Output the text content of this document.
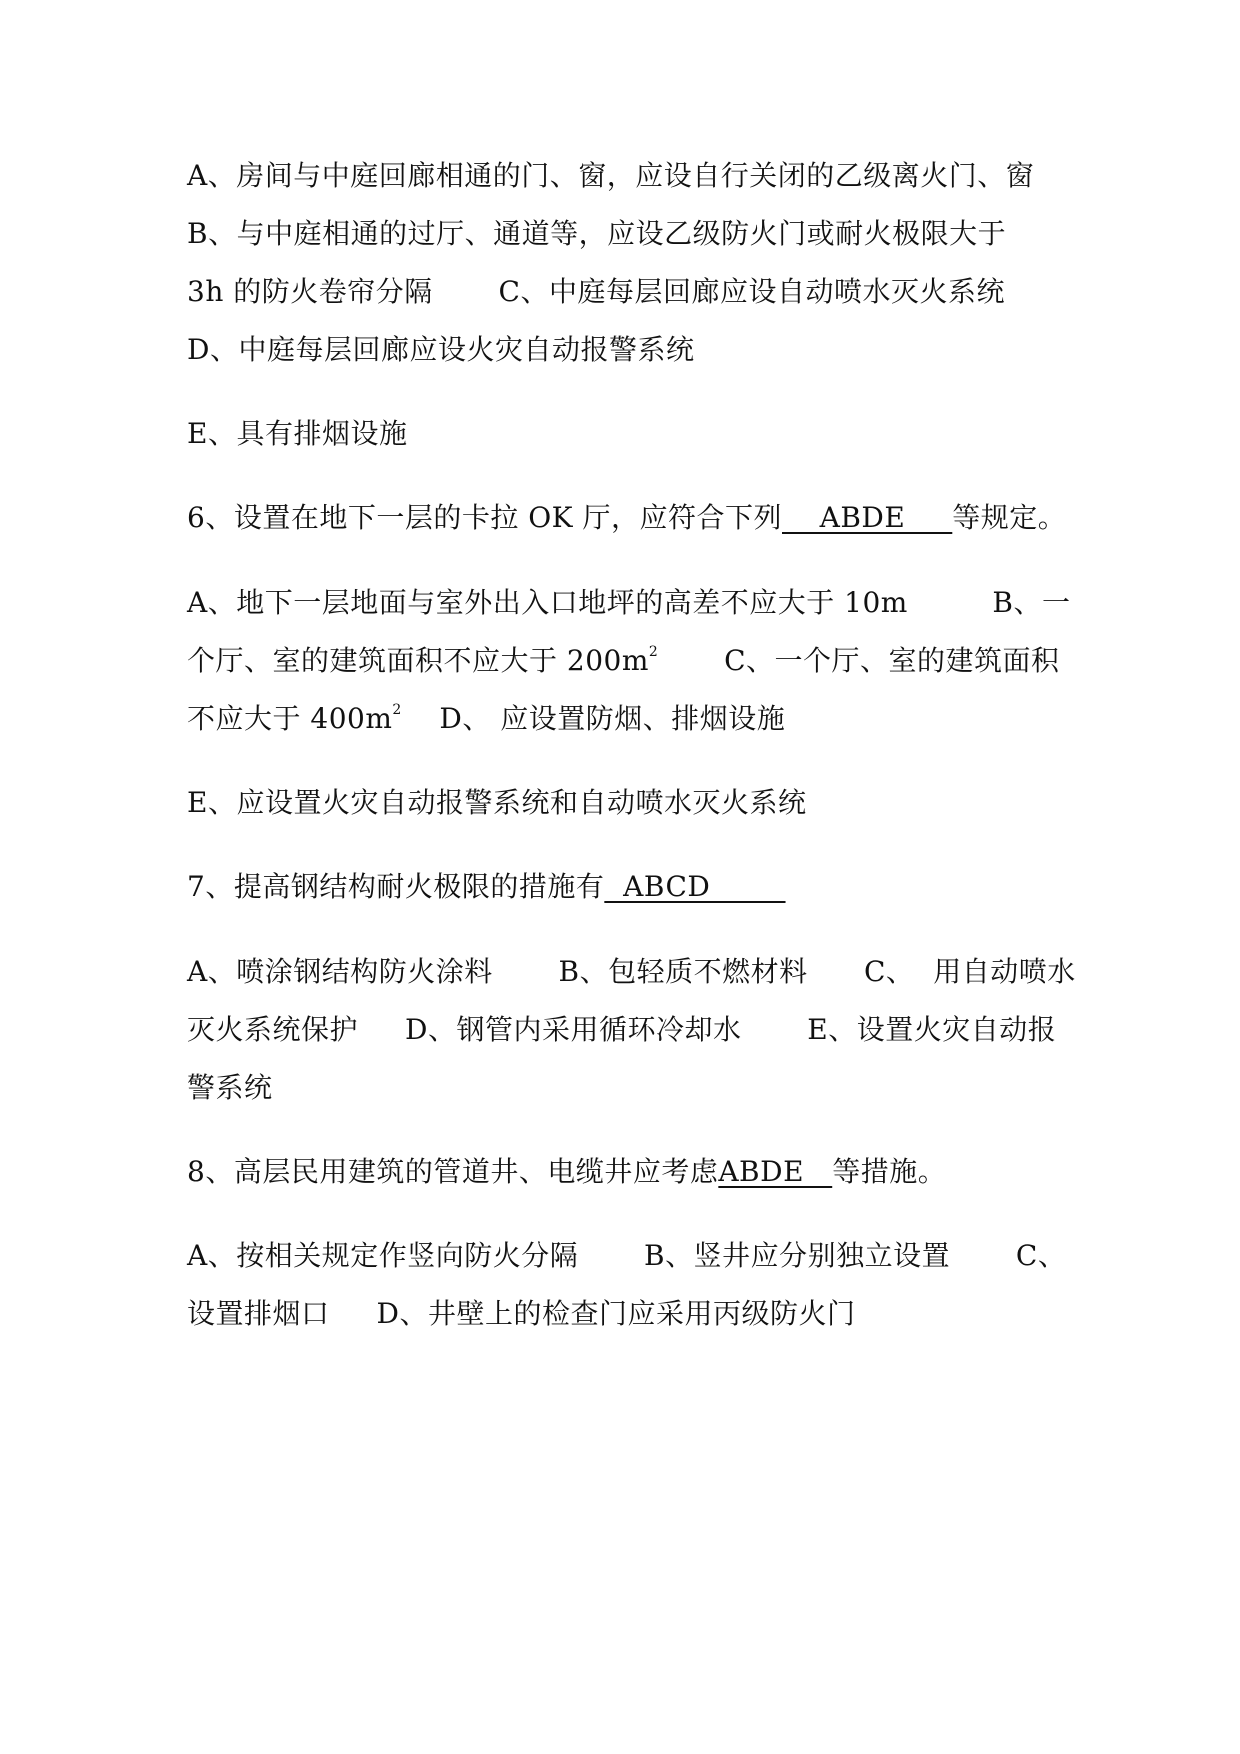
A、房间与中庭回廊相通的门、窗，应设自行关闭的乙级离火门、窗
B、与中庭相通的过厅、通道等，应设乙级防火门或耐火极限大于
3h 的防火卷帘分隔       C、中庭每层回廊应设自动喷水灭火系统
D、中庭每层回廊应设火灾自动报警系统
E、具有排烟设施
6、设置在地下一层的卡拉 OK 厅，应符合下列    ABDE     等规定。
A、地下一层地面与室外出入口地坪的高差不应大于 10m         B、一
个厅、室的建筑面积不应大于 $200m^2$       C、一个厅、室的建筑面积
不应大于 $400m^2$    D、 应设置防烟、排烟设施
E、应设置火灾自动报警系统和自动喷水灭火系统
7、提高钢结构耐火极限的措施有  ABCD
A、喷涂钢结构防火涂料       B、包轻质不燃材料      C、  用自动喷水
灭火系统保护     D、钢管内采用循环冷却水       E、设置火灾自动报
警系统
8、高层民用建筑的管道井、电缆井应考虑ABDE   等措施。
A、按相关规定作竖向防火分隔       B、竖井应分别独立设置       C、
设置排烟口     D、井壁上的检查门应采用丙级防火门
